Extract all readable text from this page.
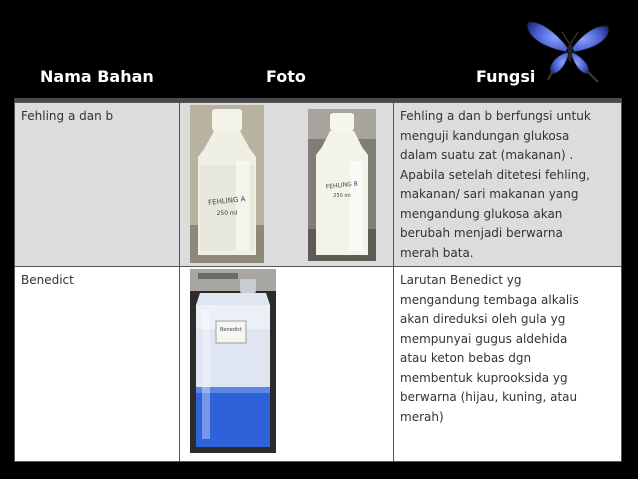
Nama Bahan	Foto	Fungsi
Fehling a dan b
FEHLING A
250 ml
FEHLING B
250 ml
Fehling a dan b berfungsi untuk
menguji kandungan glukosa
dalam suatu zat (makanan) .
Apabila setelah ditetesi fehling,
makanan/ sari makanan yang
mengandung glukosa akan
berubah menjadi berwarna
merah bata.
Benedict
Benedict
Larutan Benedict yg
mengandung tembaga alkalis
akan direduksi oleh gula yg
mempunyai gugus aldehida
atau keton bebas dgn
membentuk kuprooksida yg
berwarna (hijau, kuning, atau
merah)
